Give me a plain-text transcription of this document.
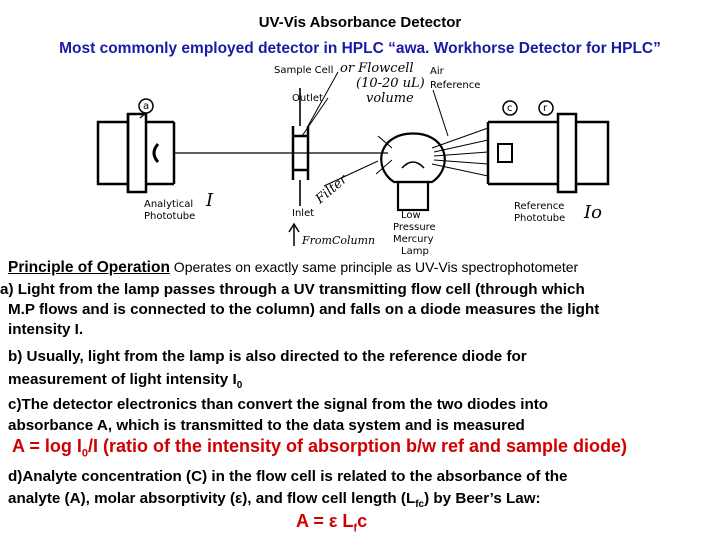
UV-Vis Absorbance Detector
Most commonly employed detector in HPLC “awa. Workhorse Detector for HPLC”
a	c	r
Sample Cell or Flowcell
(10-20 uL)
volume
Outlet
Air
Reference
Analytical
Phototube
I	Filter
Inlet
FromColumn
Low
Pressure
Mercury
Lamp
Reference
Phototube Io
Principle of Operation Operates on exactly same principle as UV-Vis spectrophotometer
a) Light from the lamp passes through a UV transmitting flow cell (through which
M.P flows and is connected to the column) and falls on a diode measures the light
intensity I.
b) Usually, light from the lamp is also directed to the reference diode for
measurement of light intensity $I_0$
c)The detector electronics than convert the signal from the two diodes into
absorbance A, which is transmitted to the data system and is measured
$A = \log I_0/I$ (ratio of the intensity of absorption b/w ref and sample diode)
d)Analyte concentration (C) in the flow cell is related to the absorbance of the
analyte (A), molar absorptivity (ε), and flow cell length $(L_{fc})$ by Beer’s Law:
A = ε $L_fc$
